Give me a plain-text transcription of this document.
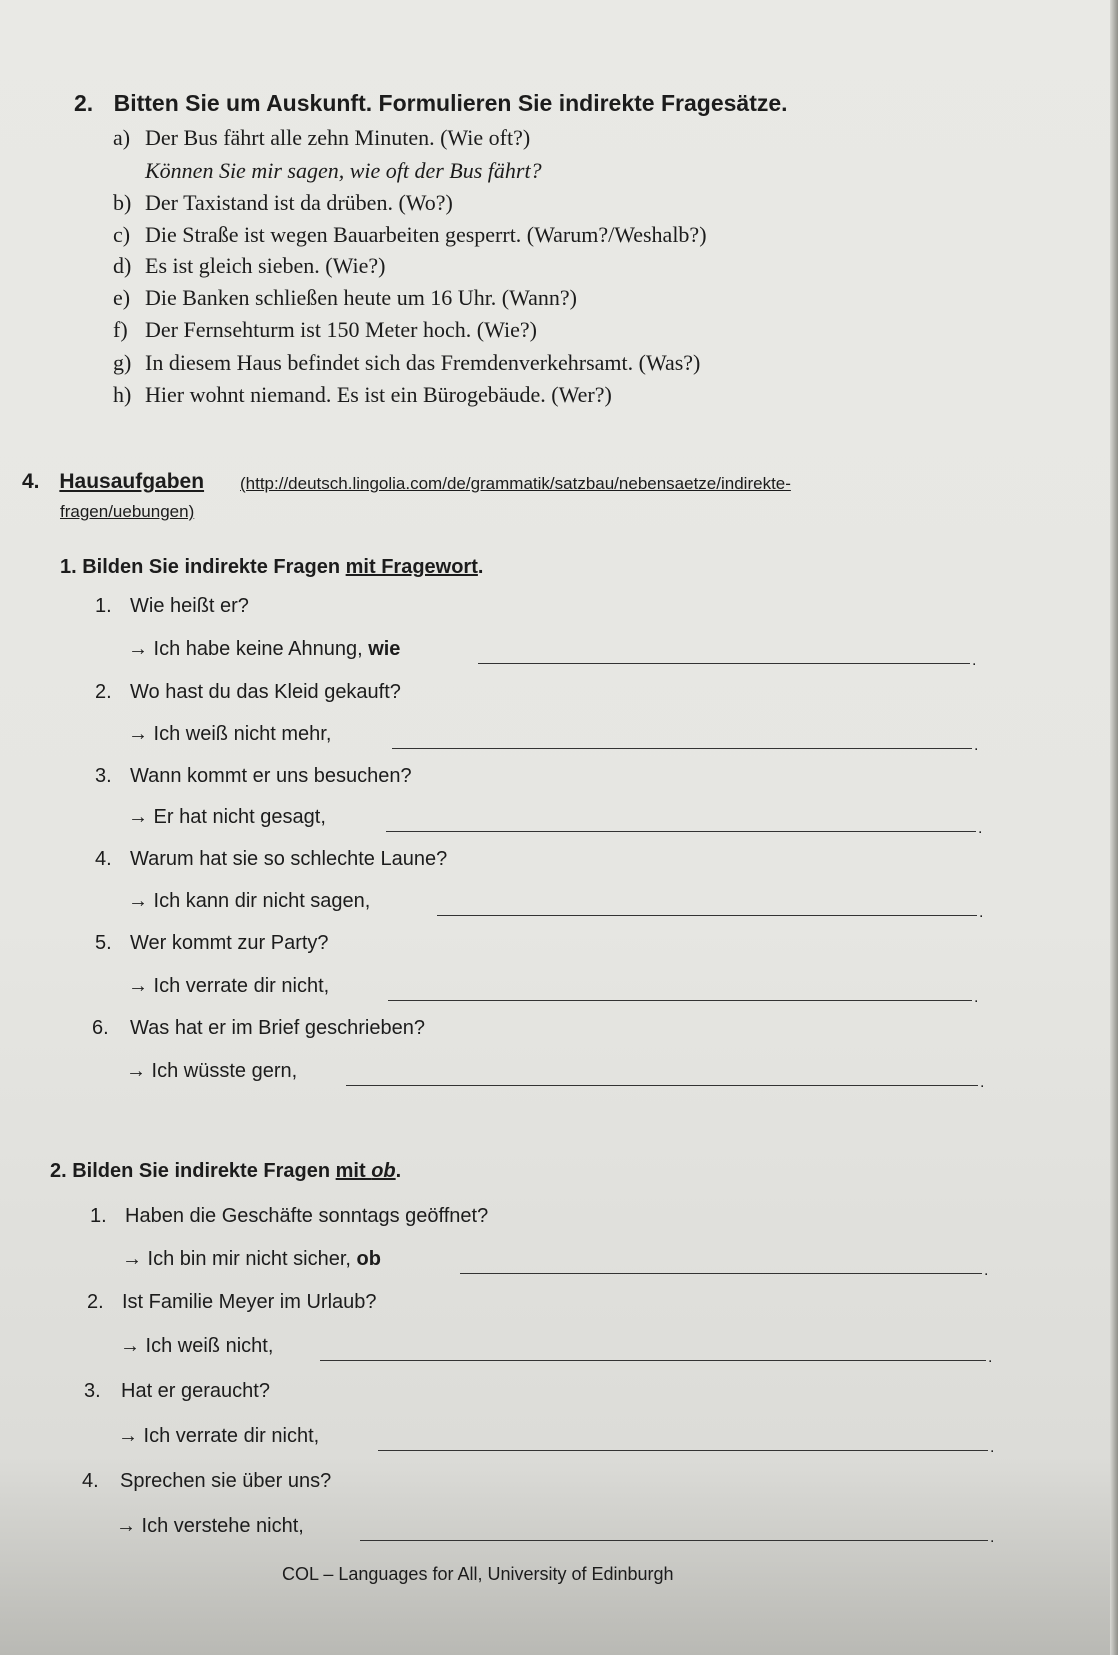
2. Bitten Sie um Auskunft. Formulieren Sie indirekte Fragesätze.
a) Der Bus fährt alle zehn Minuten. (Wie oft?)
Können Sie mir sagen, wie oft der Bus fährt?
b) Der Taxistand ist da drüben. (Wo?)
c) Die Straße ist wegen Bauarbeiten gesperrt. (Warum?/Weshalb?)
d) Es ist gleich sieben. (Wie?)
e) Die Banken schließen heute um 16 Uhr. (Wann?)
f) Der Fernsehturm ist 150 Meter hoch. (Wie?)
g) In diesem Haus befindet sich das Fremdenverkehrsamt. (Was?)
h) Hier wohnt niemand. Es ist ein Bürogebäude. (Wer?)
4. Hausaufgaben (http://deutsch.lingolia.com/de/grammatik/satzbau/nebensaetze/indirekte-
fragen/uebungen)
1. Bilden Sie indirekte Fragen mit Fragewort.
1. Wie heißt er?
→ Ich habe keine Ahnung, wie
.
2. Wo hast du das Kleid gekauft?
→ Ich weiß nicht mehr,
.
3. Wann kommt er uns besuchen?
→ Er hat nicht gesagt,
.
4. Warum hat sie so schlechte Laune?
→ Ich kann dir nicht sagen,
.
5. Wer kommt zur Party?
→ Ich verrate dir nicht,
.
6. Was hat er im Brief geschrieben?
→ Ich wüsste gern,
.
2. Bilden Sie indirekte Fragen mit ob.
1. Haben die Geschäfte sonntags geöffnet?
→ Ich bin mir nicht sicher, ob
.
2. Ist Familie Meyer im Urlaub?
→ Ich weiß nicht,
.
3. Hat er geraucht?
→ Ich verrate dir nicht,
.
4. Sprechen sie über uns?
→ Ich verstehe nicht,
.
COL – Languages for All, University of Edinburgh
